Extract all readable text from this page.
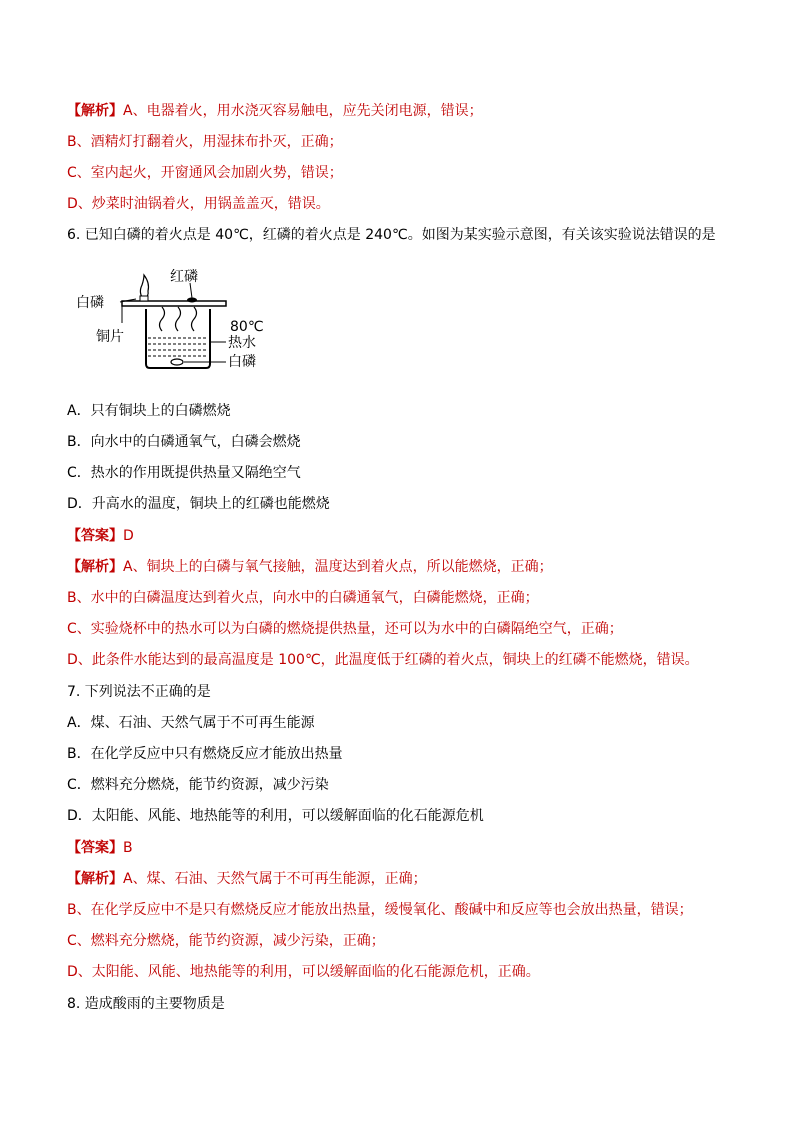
【解析】A、电器着火，用水浇灭容易触电，应先关闭电源，错误；
B、酒精灯打翻着火，用湿抹布扑灭，正确；
C、室内起火，开窗通风会加剧火势，错误；
D、炒菜时油锅着火，用锅盖盖灭，错误。
6. 已知白磷的着火点是 40℃，红磷的着火点是 240℃。如图为某实验示意图，有关该实验说法错误的是
红磷
白磷
铜片
80℃
热水
白磷
A．只有铜块上的白磷燃烧
B．向水中的白磷通氧气，白磷会燃烧
C．热水的作用既提供热量又隔绝空气
D．升高水的温度，铜块上的红磷也能燃烧
【答案】D
【解析】A、铜块上的白磷与氧气接触，温度达到着火点，所以能燃烧，正确；
B、水中的白磷温度达到着火点，向水中的白磷通氧气，白磷能燃烧，正确；
C、实验烧杯中的热水可以为白磷的燃烧提供热量，还可以为水中的白磷隔绝空气，正确；
D、此条件水能达到的最高温度是 100℃，此温度低于红磷的着火点，铜块上的红磷不能燃烧，错误。
7. 下列说法不正确的是
A．煤、石油、天然气属于不可再生能源
B．在化学反应中只有燃烧反应才能放出热量
C．燃料充分燃烧，能节约资源，减少污染
D．太阳能、风能、地热能等的利用，可以缓解面临的化石能源危机
【答案】B
【解析】A、煤、石油、天然气属于不可再生能源，正确；
B、在化学反应中不是只有燃烧反应才能放出热量，缓慢氧化、酸碱中和反应等也会放出热量，错误；
C、燃料充分燃烧，能节约资源，减少污染，正确；
D、太阳能、风能、地热能等的利用，可以缓解面临的化石能源危机，正确。
8. 造成酸雨的主要物质是
